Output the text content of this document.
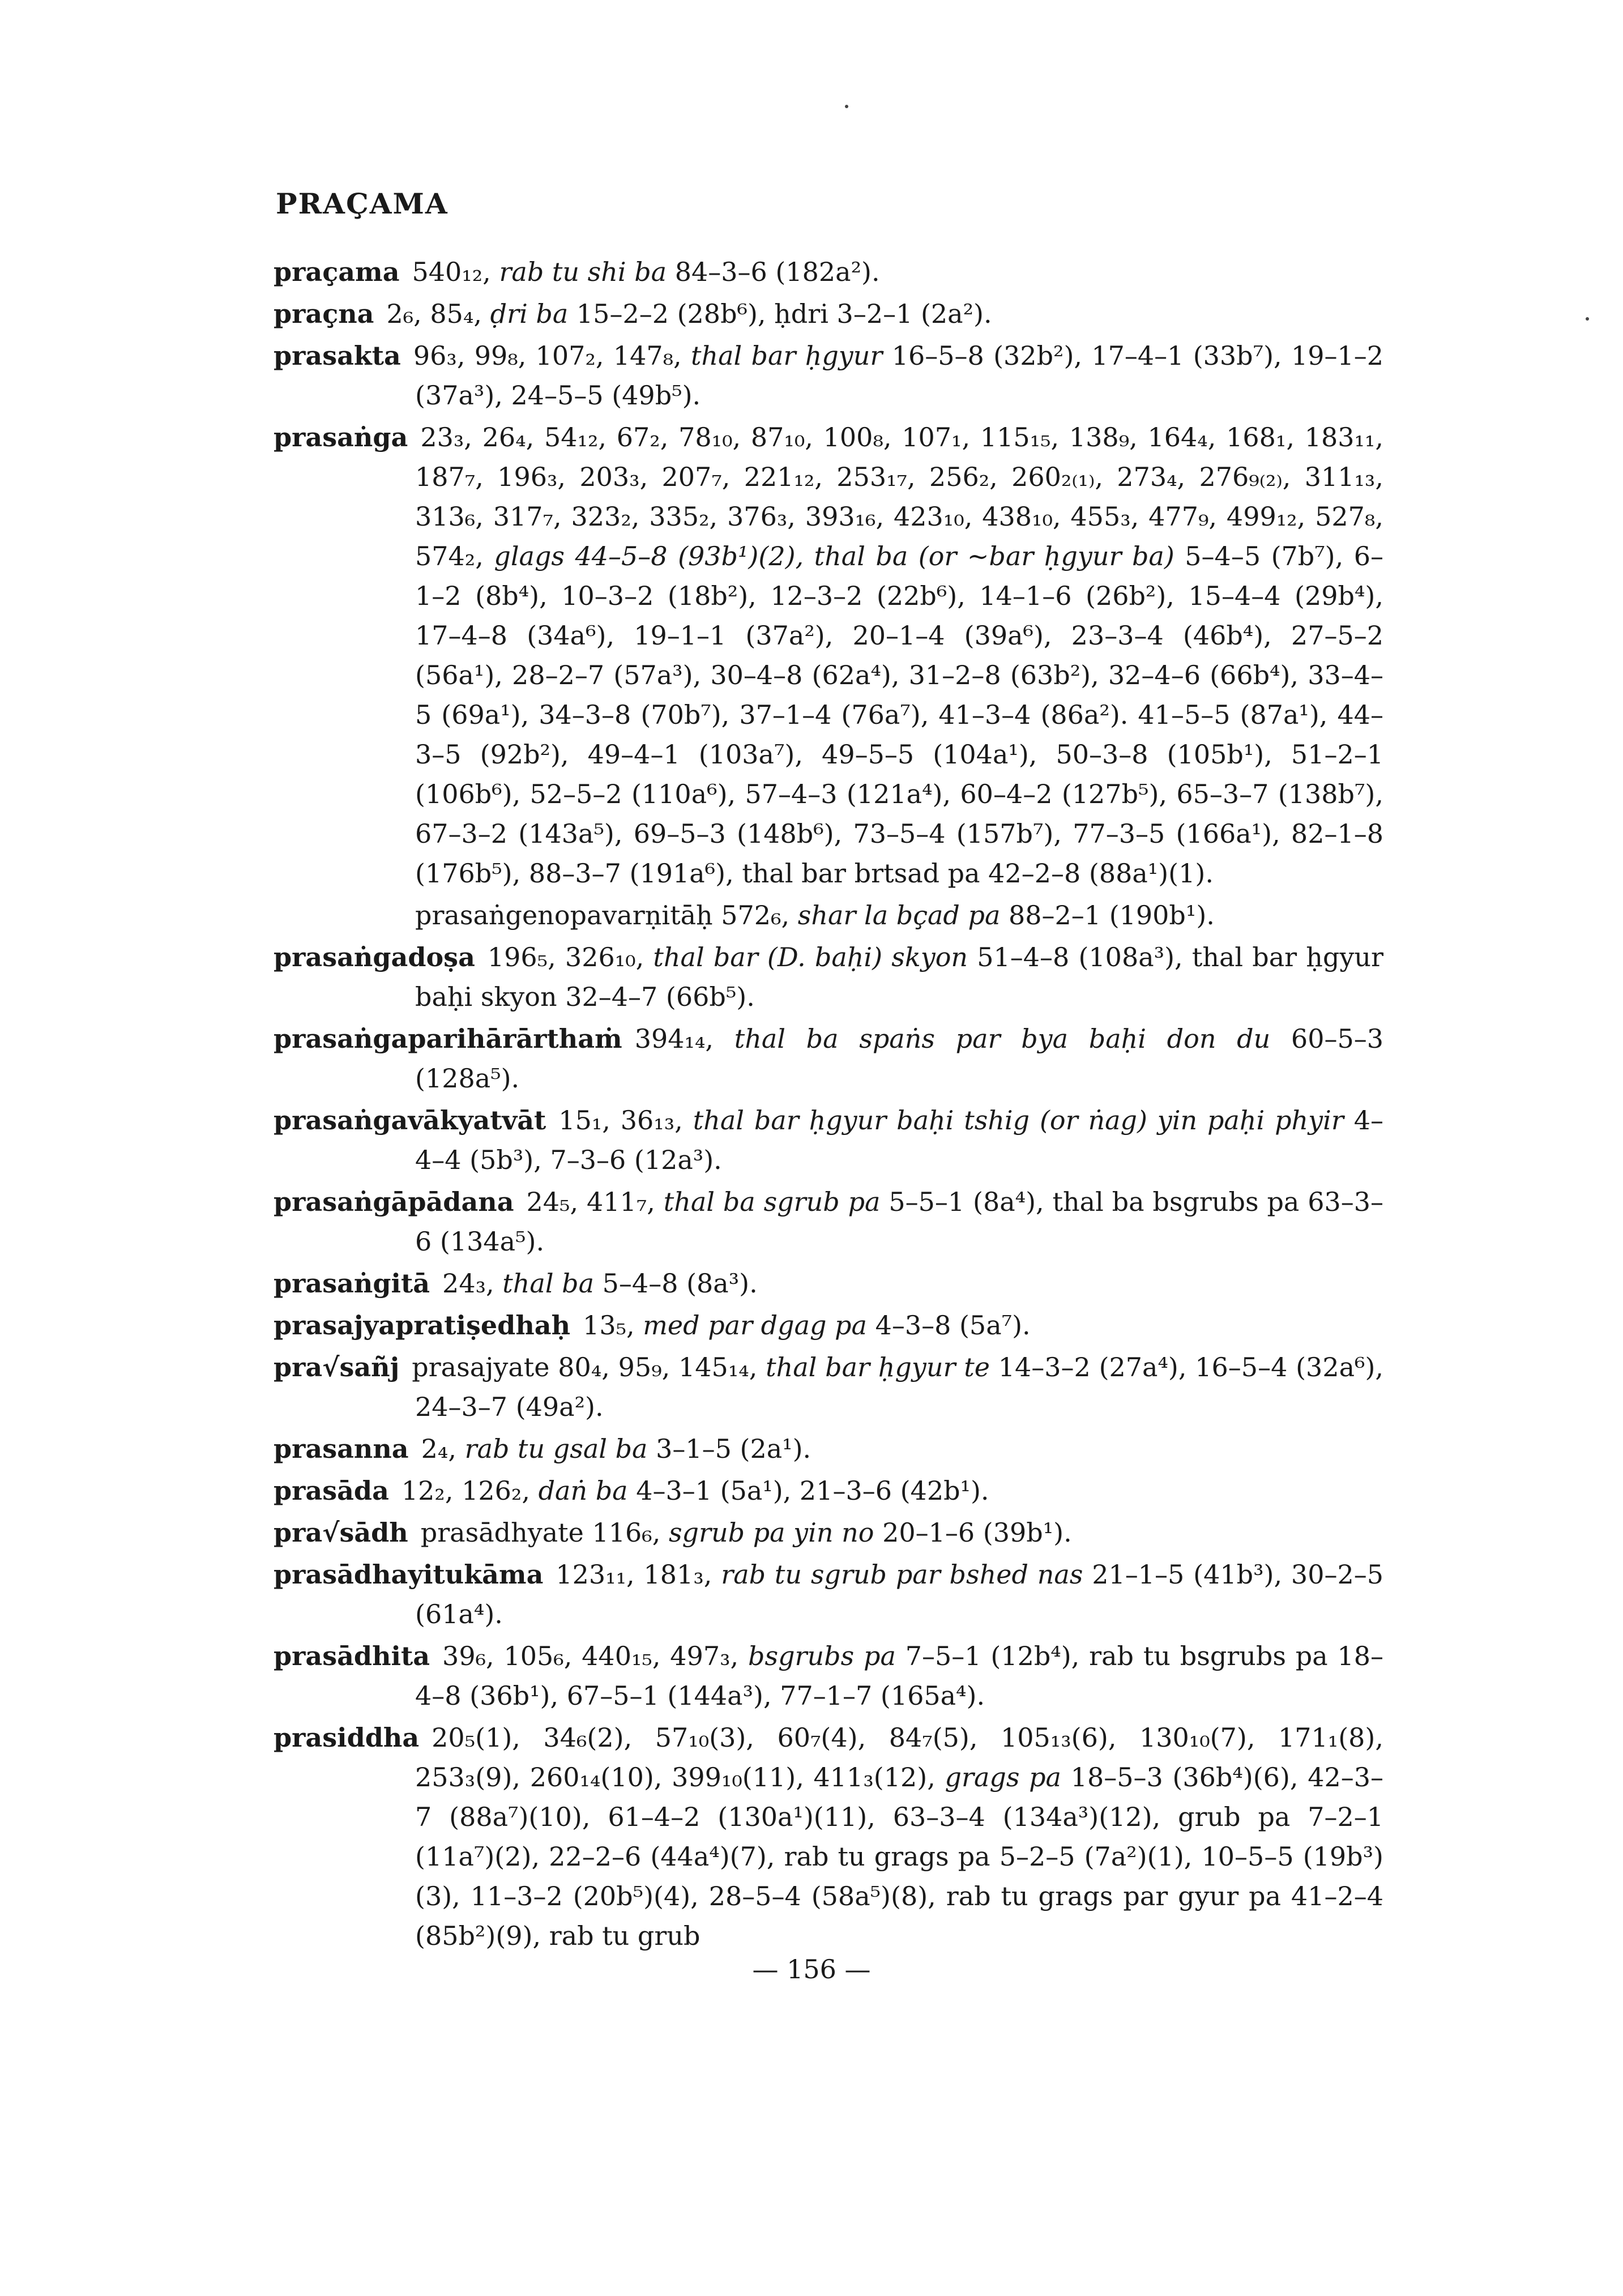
PRAÇAMA

praçama 540₁₂, rab tu shi ba 84–3–6 (182a²).

praçna 2₆, 85₄, ḍri ba 15–2–2 (28b⁶), ḥdri 3–2–1 (2a²).

prasakta 96₃, 99₈, 107₂, 147₈, thal bar ḥgyur 16–5–8 (32b²), 17–4–1 (33b⁷), 19–1–2 (37a³), 24–5–5 (49b⁵).

prasaṅga 23₃, 26₄, 54₁₂, 67₂, 78₁₀, 87₁₀, 100₈, 107₁, 115₁₅, 138₉, 164₄, 168₁, 183₁₁, 187₇, 196₃, 203₃, 207₇, 221₁₂, 253₁₇, 256₂, 260₂₍₁₎, 273₄, 276₉₍₂₎, 311₁₃, 313₆, 317₇, 323₂, 335₂, 376₃, 393₁₆, 423₁₀, 438₁₀, 455₃, 477₉, 499₁₂, 527₈, 574₂, glags 44–5–8 (93b¹)(2), thal ba (or ~bar ḥgyur ba) 5–4–5 (7b⁷), 6–1–2 (8b⁴), 10–3–2 (18b²), 12–3–2 (22b⁶), 14–1–6 (26b²), 15–4–4 (29b⁴), 17–4–8 (34a⁶), 19–1–1 (37a²), 20–1–4 (39a⁶), 23–3–4 (46b⁴), 27–5–2 (56a¹), 28–2–7 (57a³), 30–4–8 (62a⁴), 31–2–8 (63b²), 32–4–6 (66b⁴), 33–4–5 (69a¹), 34–3–8 (70b⁷), 37–1–4 (76a⁷), 41–3–4 (86a²). 41–5–5 (87a¹), 44–3–5 (92b²), 49–4–1 (103a⁷), 49–5–5 (104a¹), 50–3–8 (105b¹), 51–2–1 (106b⁶), 52–5–2 (110a⁶), 57–4–3 (121a⁴), 60–4–2 (127b⁵), 65–3–7 (138b⁷), 67–3–2 (143a⁵), 69–5–3 (148b⁶), 73–5–4 (157b⁷), 77–3–5 (166a¹), 82–1–8 (176b⁵), 88–3–7 (191a⁶), thal bar brtsad pa 42–2–8 (88a¹)(1).

prasaṅgenopavarṇitāḥ 572₆, shar la bçad pa 88–2–1 (190b¹).

prasaṅgadoṣa 196₅, 326₁₀, thal bar (D. baḥi) skyon 51–4–8 (108a³), thal bar ḥgyur baḥi skyon 32–4–7 (66b⁵).

prasaṅgaparihārārthaṁ 394₁₄, thal ba spaṅs par bya baḥi don du 60–5–3 (128a⁵).

prasaṅgavākyatvāt 15₁, 36₁₃, thal bar ḥgyur baḥi tshig (or ṅag) yin paḥi phyir 4–4–4 (5b³), 7–3–6 (12a³).

prasaṅgāpādana 24₅, 411₇, thal ba sgrub pa 5–5–1 (8a⁴), thal ba bsgrubs pa 63–3–6 (134a⁵).

prasaṅgitā 24₃, thal ba 5–4–8 (8a³).

prasajyapratiṣedhaḥ 13₅, med par dgag pa 4–3–8 (5a⁷).

pra√sañj prasajyate 80₄, 95₉, 145₁₄, thal bar ḥgyur te 14–3–2 (27a⁴), 16–5–4 (32a⁶), 24–3–7 (49a²).

prasanna 2₄, rab tu gsal ba 3–1–5 (2a¹).

prasāda 12₂, 126₂, daṅ ba 4–3–1 (5a¹), 21–3–6 (42b¹).

pra√sādh prasādhyate 116₆, sgrub pa yin no 20–1–6 (39b¹).

prasādhayitukāma 123₁₁, 181₃, rab tu sgrub par bshed nas 21–1–5 (41b³), 30–2–5 (61a⁴).

prasādhita 39₆, 105₆, 440₁₅, 497₃, bsgrubs pa 7–5–1 (12b⁴), rab tu bsgrubs pa 18–4–8 (36b¹), 67–5–1 (144a³), 77–1–7 (165a⁴).

prasiddha 20₅(1), 34₆(2), 57₁₀(3), 60₇(4), 84₇(5), 105₁₃(6), 130₁₀(7), 171₁(8), 253₃(9), 260₁₄(10), 399₁₀(11), 411₃(12), grags pa 18–5–3 (36b⁴)(6), 42–3–7 (88a⁷)(10), 61–4–2 (130a¹)(11), 63–3–4 (134a³)(12), grub pa 7–2–1 (11a⁷)(2), 22–2–6 (44a⁴)(7), rab tu grags pa 5–2–5 (7a²)(1), 10–5–5 (19b³)(3), 11–3–2 (20b⁵)(4), 28–5–4 (58a⁵)(8), rab tu grags par gyur pa 41–2–4 (85b²)(9), rab tu grub

— 156 —
